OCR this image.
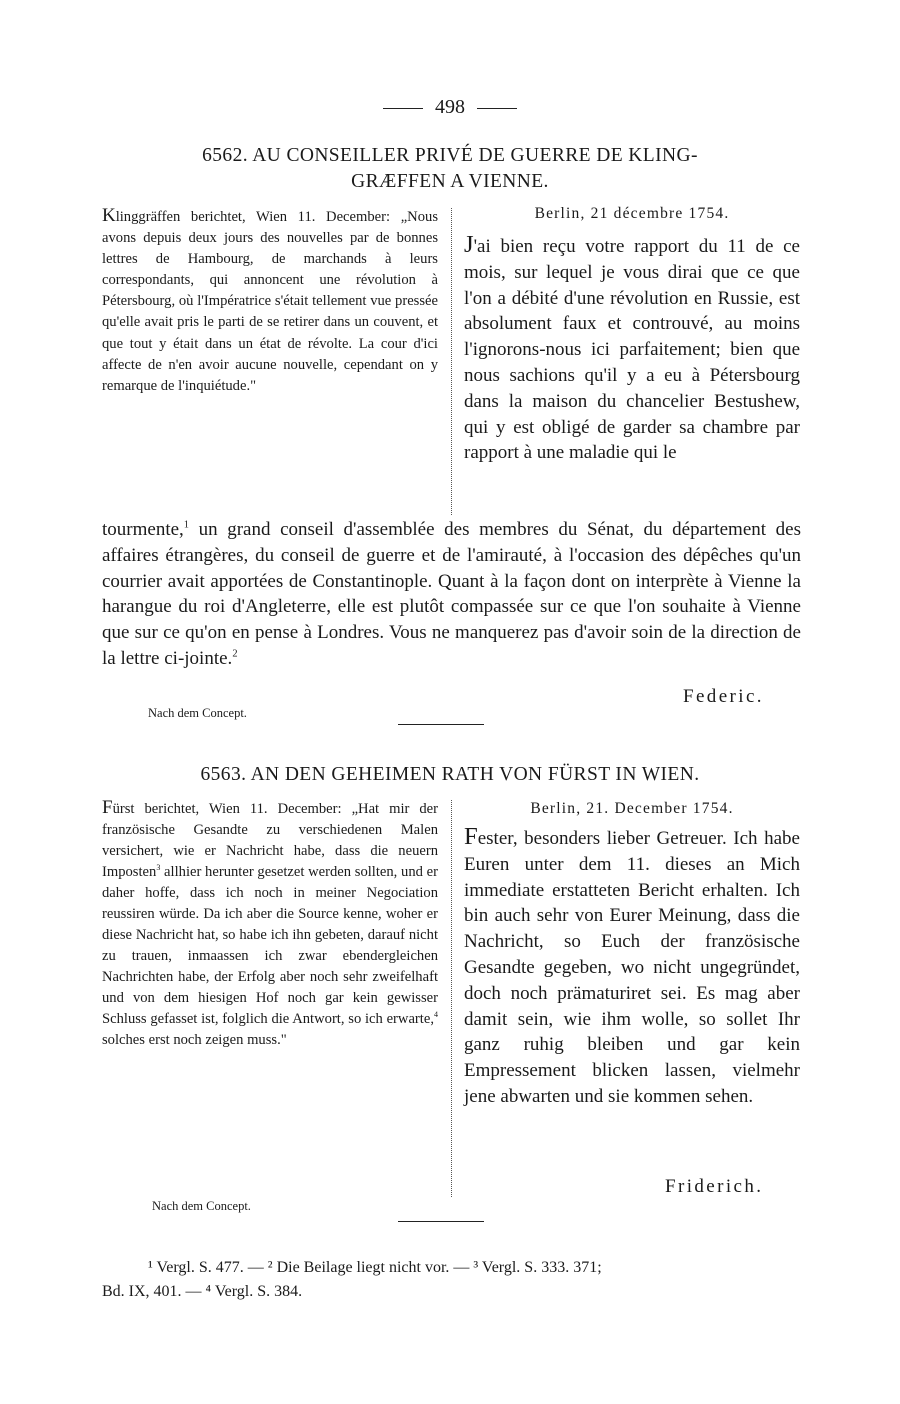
498
6562. AU CONSEILLER PRIVÉ DE GUERRE DE KLING-
GRÆFFEN A VIENNE.
Klinggräffen berichtet, Wien 11. December: „Nous avons depuis deux jours des nouvelles par de bonnes lettres de Hambourg, de marchands à leurs correspondants, qui annoncent une révolution à Pétersbourg, où l'Impératrice s'était tellement vue pressée qu'elle avait pris le parti de se retirer dans un couvent, et que tout y était dans un état de révolte. La cour d'ici affecte de n'en avoir aucune nouvelle, cependant on y remarque de l'inquiétude."
Berlin, 21 décembre 1754.
J'ai bien reçu votre rapport du 11 de ce mois, sur lequel je vous dirai que ce que l'on a débité d'une révolution en Russie, est absolument faux et controuvé, au moins l'ignorons-nous ici parfaitement; bien que nous sachions qu'il y a eu à Pétersbourg dans la maison du chancelier Bestushew, qui y est obligé de garder sa chambre par rapport à une maladie qui le
tourmente,$^1$ un grand conseil d'assemblée des membres du Sénat, du département des affaires étrangères, du conseil de guerre et de l'amirauté, à l'occasion des dépêches qu'un courrier avait apportées de Constantinople. Quant à la façon dont on interprète à Vienne la harangue du roi d'Angleterre, elle est plutôt compassée sur ce que l'on souhaite à Vienne que sur ce qu'on en pense à Londres. Vous ne manquerez pas d'avoir soin de la direction de la lettre ci-jointe.$^2$
Federic.
Nach dem Concept.
6563. AN DEN GEHEIMEN RATH VON FÜRST IN WIEN.
Fürst berichtet, Wien 11. December: „Hat mir der französische Gesandte zu verschiedenen Malen versichert, wie er Nachricht habe, dass die neuern Imposten$^3$ allhier herunter gesetzet werden sollten, und er daher hoffe, dass ich noch in meiner Negociation reussiren würde. Da ich aber die Source kenne, woher er diese Nachricht hat, so habe ich ihn gebeten, darauf nicht zu trauen, inmaassen ich zwar ebendergleichen Nachrichten habe, der Erfolg aber noch sehr zweifelhaft und von dem hiesigen Hof noch gar kein gewisser Schluss gefasset ist, folglich die Antwort, so ich erwarte,$^4$ solches erst noch zeigen muss."
Berlin, 21. December 1754.
Fester, besonders lieber Getreuer. Ich habe Euren unter dem 11. dieses an Mich immediate erstatteten Bericht erhalten. Ich bin auch sehr von Eurer Meinung, dass die Nachricht, so Euch der französische Gesandte gegeben, wo nicht ungegründet, doch noch prämaturiret sei. Es mag aber damit sein, wie ihm wolle, so sollet Ihr ganz ruhig bleiben und gar kein Empressement blicken lassen, vielmehr jene abwarten und sie kommen sehen.
Friderich.
Nach dem Concept.
¹ Vergl. S. 477. — ² Die Beilage liegt nicht vor. — ³ Vergl. S. 333. 371;
Bd. IX, 401. — ⁴ Vergl. S. 384.
